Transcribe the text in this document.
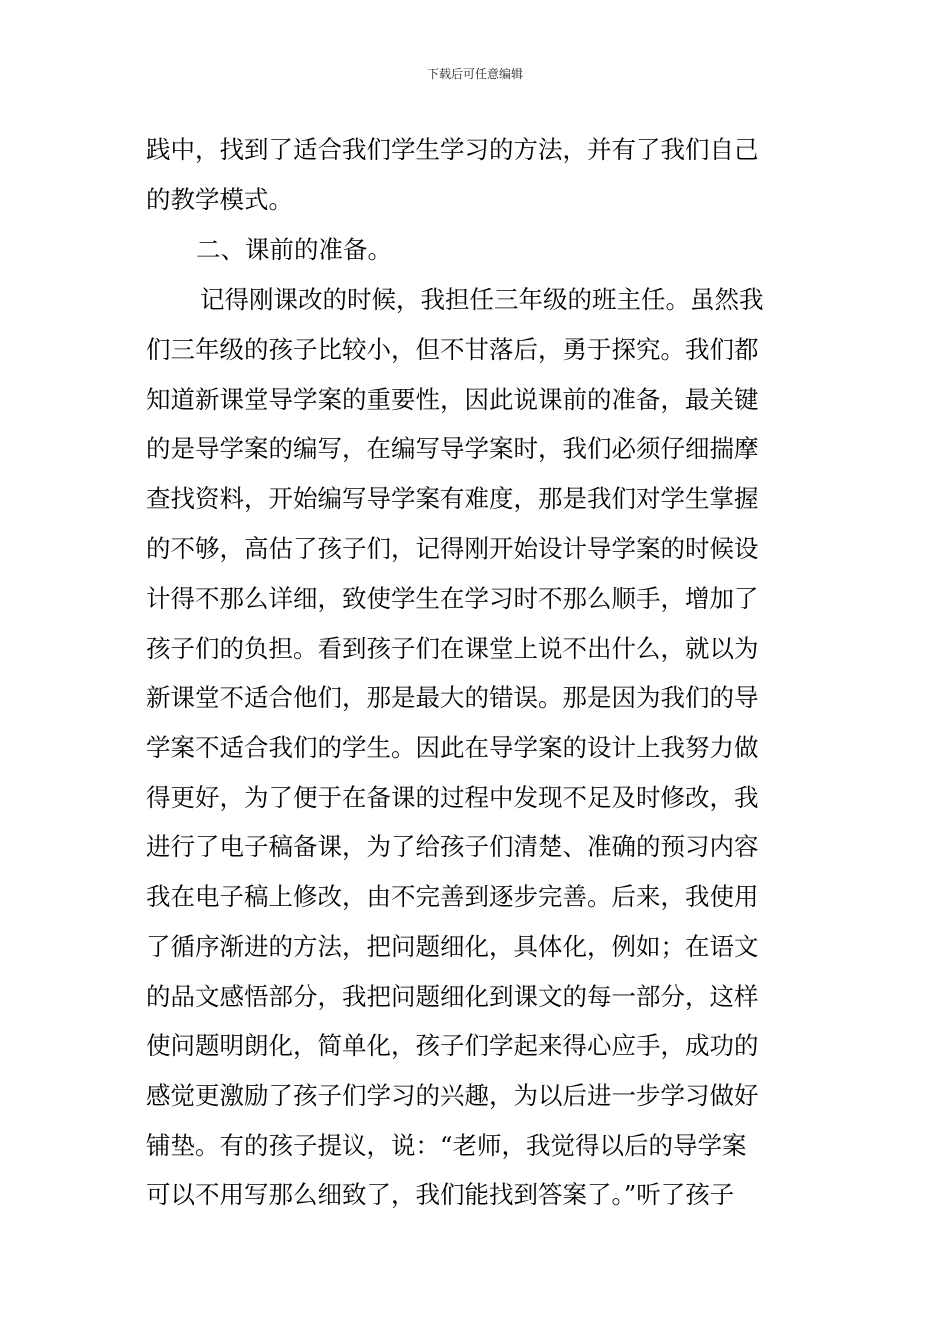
下载后可任意编辑
践中，找到了适合我们学生学习的方法，并有了我们自己
的教学模式。
二、课前的准备。
记得刚课改的时候，我担任三年级的班主任。虽然我
们三年级的孩子比较小，但不甘落后，勇于探究。我们都
知道新课堂导学案的重要性，因此说课前的准备，最关键
的是导学案的编写，在编写导学案时，我们必须仔细揣摩
查找资料，开始编写导学案有难度，那是我们对学生掌握
的不够，高估了孩子们，记得刚开始设计导学案的时候设
计得不那么详细，致使学生在学习时不那么顺手，增加了
孩子们的负担。看到孩子们在课堂上说不出什么，就以为
新课堂不适合他们，那是最大的错误。那是因为我们的导
学案不适合我们的学生。因此在导学案的设计上我努力做
得更好，为了便于在备课的过程中发现不足及时修改，我
进行了电子稿备课，为了给孩子们清楚、准确的预习内容
我在电子稿上修改，由不完善到逐步完善。后来，我使用
了循序渐进的方法，把问题细化，具体化，例如；在语文
的品文感悟部分，我把问题细化到课文的每一部分，这样
使问题明朗化，简单化，孩子们学起来得心应手，成功的
感觉更激励了孩子们学习的兴趣，为以后进一步学习做好
铺垫。有的孩子提议，说：“老师，我觉得以后的导学案
可以不用写那么细致了，我们能找到答案了。”听了孩子
